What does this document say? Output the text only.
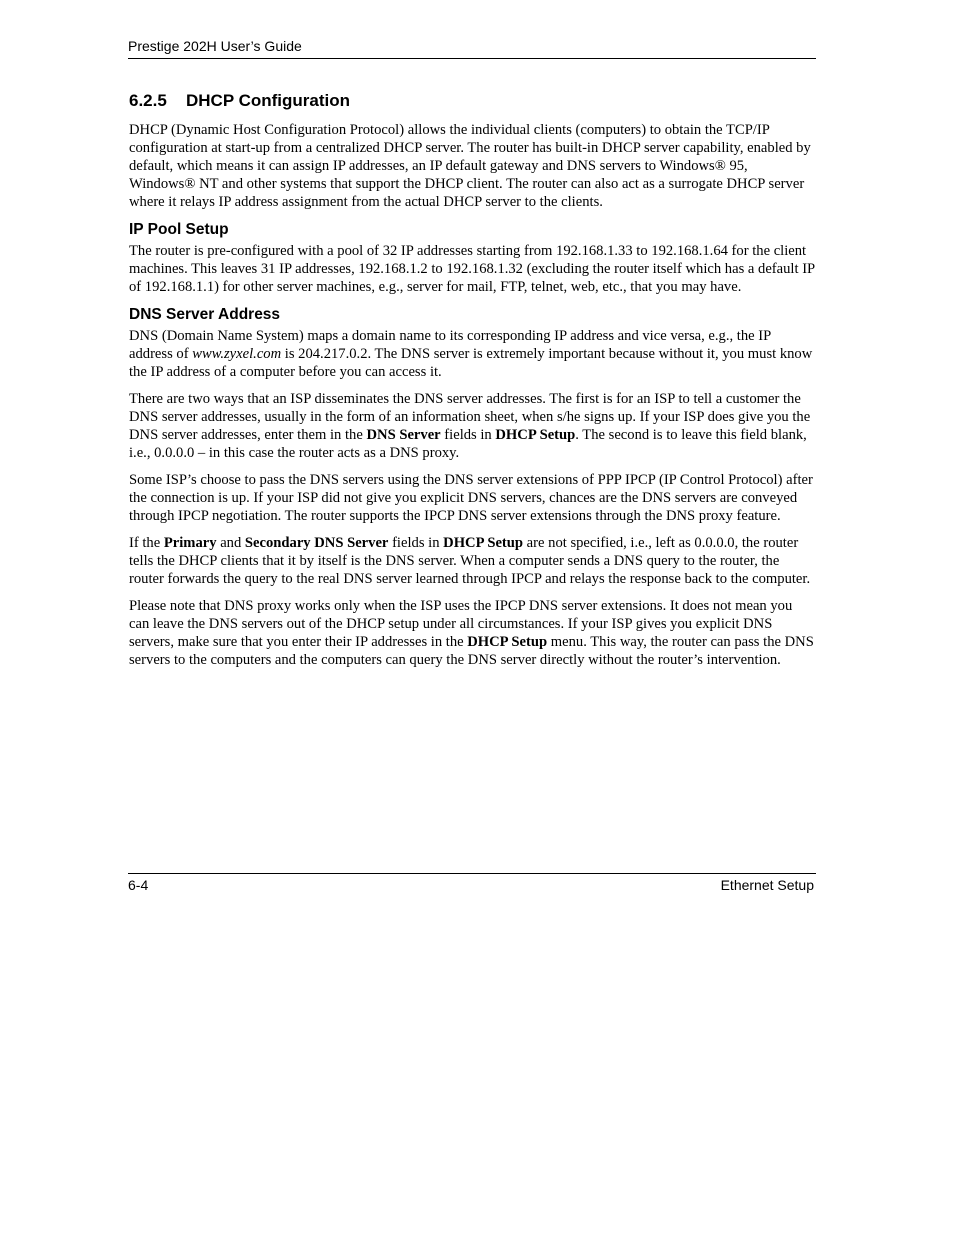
Prestige 202H User’s Guide
6.2.5 DHCP Configuration

DHCP (Dynamic Host Configuration Protocol) allows the individual clients (computers) to obtain the TCP/IP configuration at start-up from a centralized DHCP server. The router has built-in DHCP server capability, enabled by default, which means it can assign IP addresses, an IP default gateway and DNS servers to Windows® 95, Windows® NT and other systems that support the DHCP client. The router can also act as a surrogate DHCP server where it relays IP address assignment from the actual DHCP server to the clients.

IP Pool Setup

The router is pre-configured with a pool of 32 IP addresses starting from 192.168.1.33 to 192.168.1.64 for the client machines. This leaves 31 IP addresses, 192.168.1.2 to 192.168.1.32 (excluding the router itself which has a default IP of 192.168.1.1) for other server machines, e.g., server for mail, FTP, telnet, web, etc., that you may have.

DNS Server Address

DNS (Domain Name System) maps a domain name to its corresponding IP address and vice versa, e.g., the IP address of www.zyxel.com is 204.217.0.2. The DNS server is extremely important because without it, you must know the IP address of a computer before you can access it.

There are two ways that an ISP disseminates the DNS server addresses. The first is for an ISP to tell a customer the DNS server addresses, usually in the form of an information sheet, when s/he signs up. If your ISP does give you the DNS server addresses, enter them in the DNS Server fields in DHCP Setup. The second is to leave this field blank, i.e., 0.0.0.0 – in this case the router acts as a DNS proxy.

Some ISP’s choose to pass the DNS servers using the DNS server extensions of PPP IPCP (IP Control Protocol) after the connection is up. If your ISP did not give you explicit DNS servers, chances are the DNS servers are conveyed through IPCP negotiation. The router supports the IPCP DNS server extensions through the DNS proxy feature.

If the Primary and Secondary DNS Server fields in DHCP Setup are not specified, i.e., left as 0.0.0.0, the router tells the DHCP clients that it by itself is the DNS server. When a computer sends a DNS query to the router, the router forwards the query to the real DNS server learned through IPCP and relays the response back to the computer.

Please note that DNS proxy works only when the ISP uses the IPCP DNS server extensions. It does not mean you can leave the DNS servers out of the DHCP setup under all circumstances. If your ISP gives you explicit DNS servers, make sure that you enter their IP addresses in the DHCP Setup menu. This way, the router can pass the DNS servers to the computers and the computers can query the DNS server directly without the router’s intervention.

6-4	Ethernet Setup
